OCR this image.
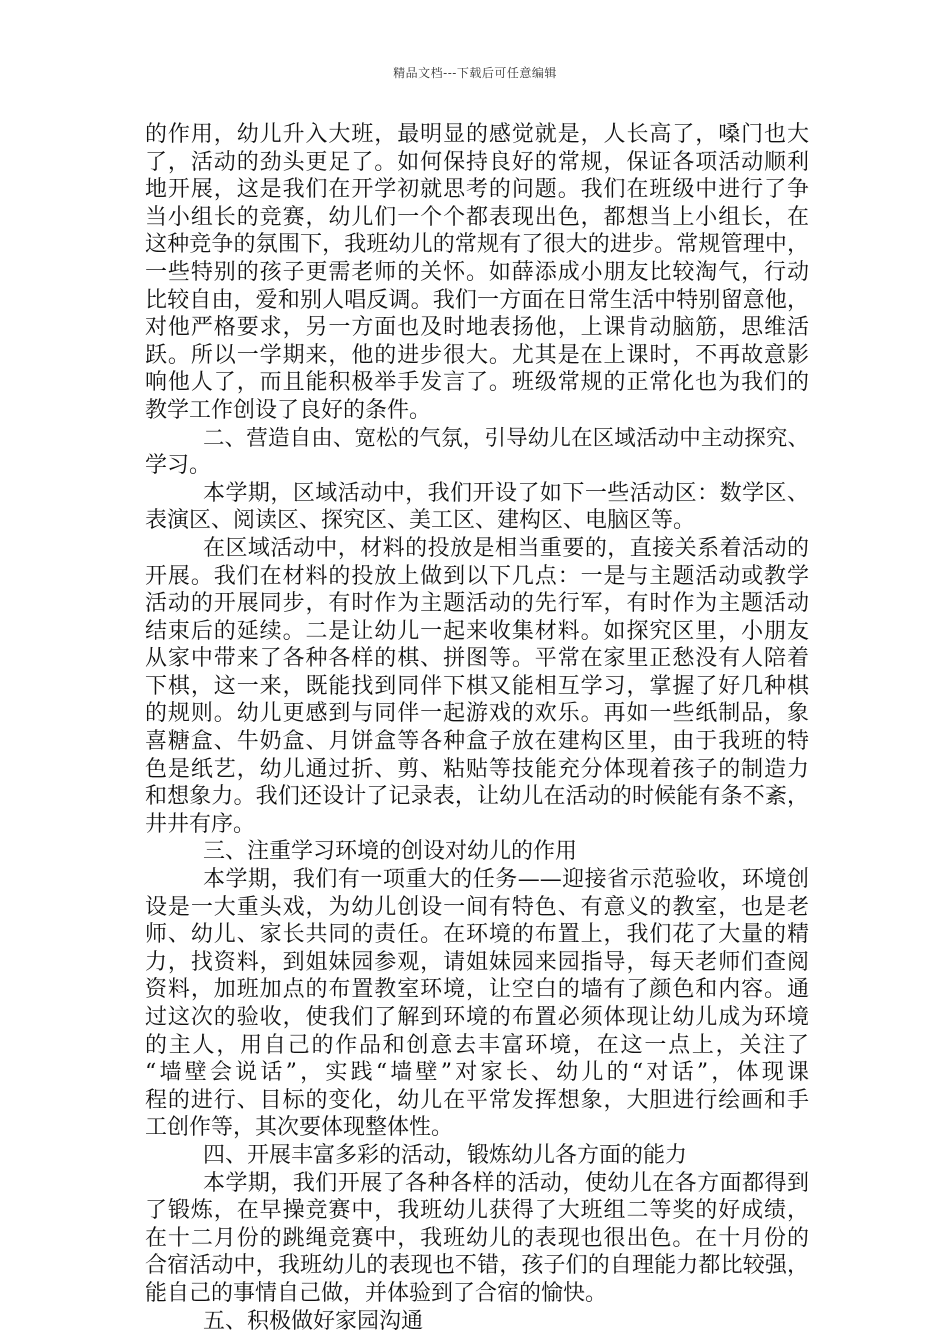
精品文档---下载后可任意编辑
的作用，幼儿升入大班，最明显的感觉就是，人长高了，嗓门也大
了，活动的劲头更足了。如何保持良好的常规，保证各项活动顺利
地开展，这是我们在开学初就思考的问题。我们在班级中进行了争
当小组长的竞赛，幼儿们一个个都表现出色，都想当上小组长，在
这种竞争的氛围下，我班幼儿的常规有了很大的进步。常规管理中，
一些特别的孩子更需老师的关怀。如薛添成小朋友比较淘气，行动
比较自由，爱和别人唱反调。我们一方面在日常生活中特别留意他，
对他严格要求，另一方面也及时地表扬他，上课肯动脑筋，思维活
跃。所以一学期来，他的进步很大。尤其是在上课时，不再故意影
响他人了，而且能积极举手发言了。班级常规的正常化也为我们的
教学工作创设了良好的条件。
二、营造自由、宽松的气氛，引导幼儿在区域活动中主动探究、
学习。
本学期，区域活动中，我们开设了如下一些活动区：数学区、
表演区、阅读区、探究区、美工区、建构区、电脑区等。
在区域活动中，材料的投放是相当重要的，直接关系着活动的
开展。我们在材料的投放上做到以下几点：一是与主题活动或教学
活动的开展同步，有时作为主题活动的先行军，有时作为主题活动
结束后的延续。二是让幼儿一起来收集材料。如探究区里，小朋友
从家中带来了各种各样的棋、拼图等。平常在家里正愁没有人陪着
下棋，这一来，既能找到同伴下棋又能相互学习，掌握了好几种棋
的规则。幼儿更感到与同伴一起游戏的欢乐。再如一些纸制品，象
喜糖盒、牛奶盒、月饼盒等各种盒子放在建构区里，由于我班的特
色是纸艺，幼儿通过折、剪、粘贴等技能充分体现着孩子的制造力
和想象力。我们还设计了记录表，让幼儿在活动的时候能有条不紊，
井井有序。
三、注重学习环境的创设对幼儿的作用
本学期，我们有一项重大的任务——迎接省示范验收，环境创
设是一大重头戏，为幼儿创设一间有特色、有意义的教室，也是老
师、幼儿、家长共同的责任。在环境的布置上，我们花了大量的精
力，找资料，到姐妹园参观，请姐妹园来园指导，每天老师们查阅
资料，加班加点的布置教室环境，让空白的墙有了颜色和内容。通
过这次的验收，使我们了解到环境的布置必须体现让幼儿成为环境
的主人，用自己的作品和创意去丰富环境，在这一点上，关注了
“墙壁会说话”，实践“墙壁”对家长、幼儿的“对话”，体现课
程的进行、目标的变化，幼儿在平常发挥想象，大胆进行绘画和手
工创作等，其次要体现整体性。
四、开展丰富多彩的活动，锻炼幼儿各方面的能力
本学期，我们开展了各种各样的活动，使幼儿在各方面都得到
了锻炼，在早操竞赛中，我班幼儿获得了大班组二等奖的好成绩，
在十二月份的跳绳竞赛中，我班幼儿的表现也很出色。在十月份的
合宿活动中，我班幼儿的表现也不错，孩子们的自理能力都比较强，
能自己的事情自己做，并体验到了合宿的愉快。
五、积极做好家园沟通
